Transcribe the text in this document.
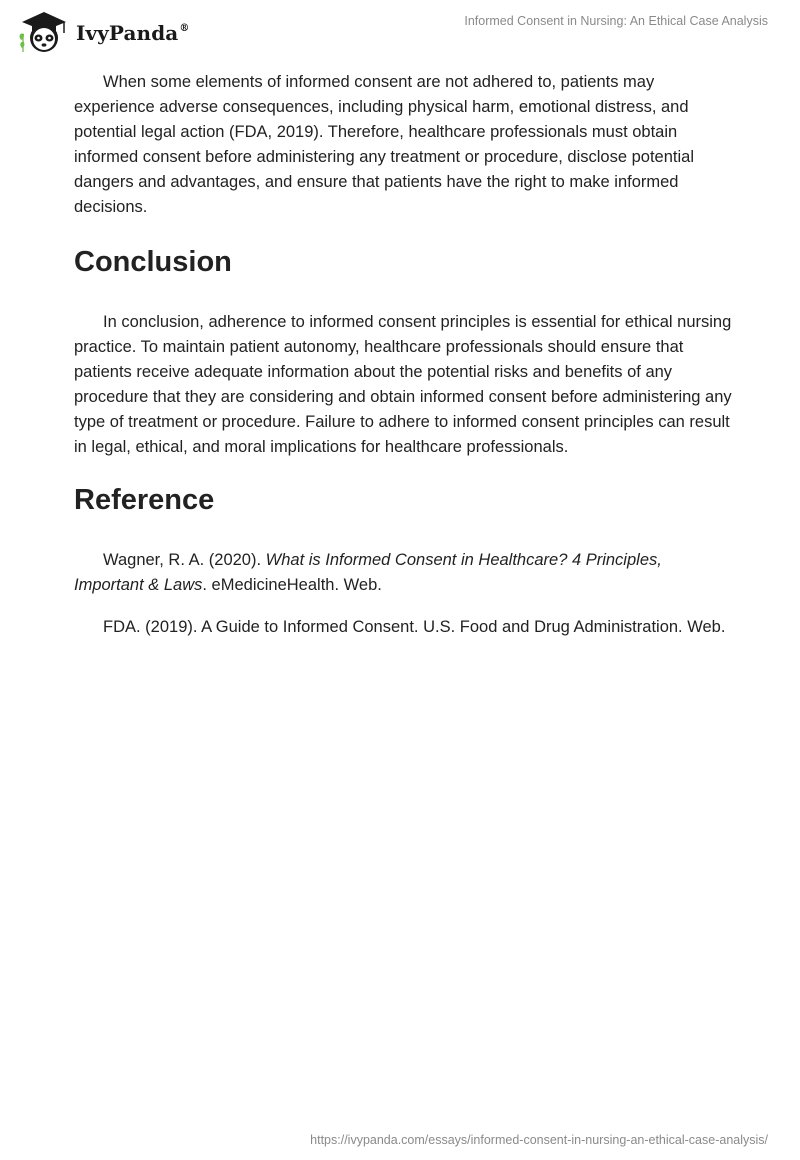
IvyPanda®
Informed Consent in Nursing: An Ethical Case Analysis

When some elements of informed consent are not adhered to, patients may experience adverse consequences, including physical harm, emotional distress, and potential legal action (FDA, 2019). Therefore, healthcare professionals must obtain informed consent before administering any treatment or procedure, disclose potential dangers and advantages, and ensure that patients have the right to make informed decisions.

Conclusion

In conclusion, adherence to informed consent principles is essential for ethical nursing practice. To maintain patient autonomy, healthcare professionals should ensure that patients receive adequate information about the potential risks and benefits of any procedure that they are considering and obtain informed consent before administering any type of treatment or procedure. Failure to adhere to informed consent principles can result in legal, ethical, and moral implications for healthcare professionals.

Reference

Wagner, R. A. (2020). What is Informed Consent in Healthcare? 4 Principles, Important & Laws. eMedicineHealth. Web.

FDA. (2019). A Guide to Informed Consent. U.S. Food and Drug Administration. Web.

https://ivypanda.com/essays/informed-consent-in-nursing-an-ethical-case-analysis/
